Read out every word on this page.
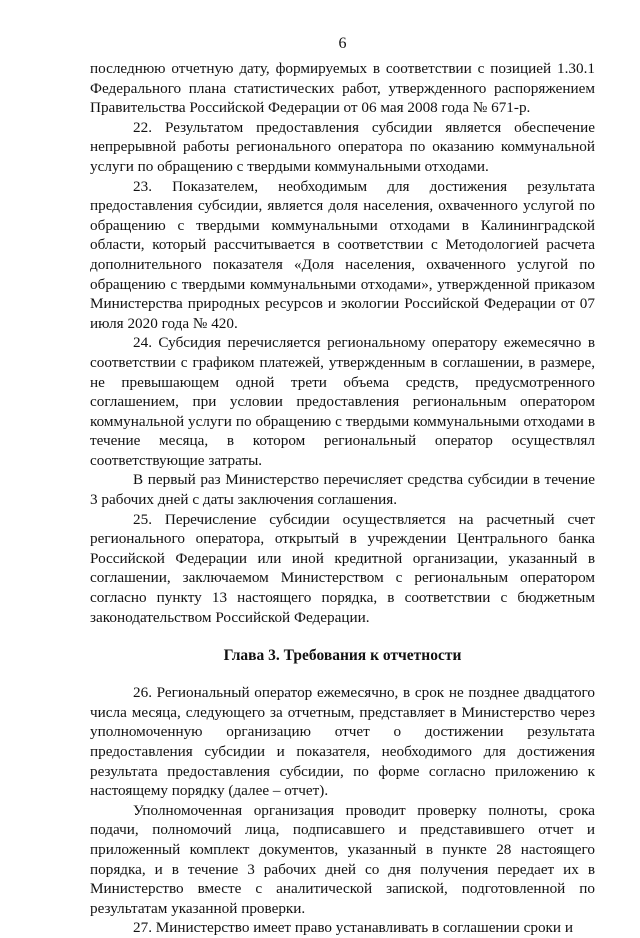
6

последнюю отчетную дату, формируемых в соответствии с позицией 1.30.1 Федерального плана статистических работ, утвержденного распоряжением Правительства Российской Федерации от 06 мая 2008 года № 671-р.

22. Результатом предоставления субсидии является обеспечение непрерывной работы регионального оператора по оказанию коммунальной услуги по обращению с твердыми коммунальными отходами.

23. Показателем, необходимым для достижения результата предоставления субсидии, является доля населения, охваченного услугой по обращению с твердыми коммунальными отходами в Калининградской области, который рассчитывается в соответствии с Методологией расчета дополнительного показателя «Доля населения, охваченного услугой по обращению с твердыми коммунальными отходами», утвержденной приказом Министерства природных ресурсов и экологии Российской Федерации от 07 июля 2020 года № 420.

24. Субсидия перечисляется региональному оператору ежемесячно в соответствии с графиком платежей, утвержденным в соглашении, в размере, не превышающем одной трети объема средств, предусмотренного соглашением, при условии предоставления региональным оператором коммунальной услуги по обращению с твердыми коммунальными отходами в течение месяца, в котором региональный оператор осуществлял соответствующие затраты.

В первый раз Министерство перечисляет средства субсидии в течение 3 рабочих дней с даты заключения соглашения.

25. Перечисление субсидии осуществляется на расчетный счет регионального оператора, открытый в учреждении Центрального банка Российской Федерации или иной кредитной организации, указанный в соглашении, заключаемом Министерством с региональным оператором согласно пункту 13 настоящего порядка, в соответствии с бюджетным законодательством Российской Федерации.

Глава 3. Требования к отчетности

26. Региональный оператор ежемесячно, в срок не позднее двадцатого числа месяца, следующего за отчетным, представляет в Министерство через уполномоченную организацию отчет о достижении результата предоставления субсидии и показателя, необходимого для достижения результата предоставления субсидии, по форме согласно приложению к настоящему порядку (далее – отчет).

Уполномоченная организация проводит проверку полноты, срока подачи, полномочий лица, подписавшего и представившего отчет и приложенный комплект документов, указанный в пункте 28 настоящего порядка, и в течение 3 рабочих дней со дня получения передает их в Министерство вместе с аналитической запиской, подготовленной по результатам указанной проверки.

27. Министерство имеет право устанавливать в соглашении сроки и
